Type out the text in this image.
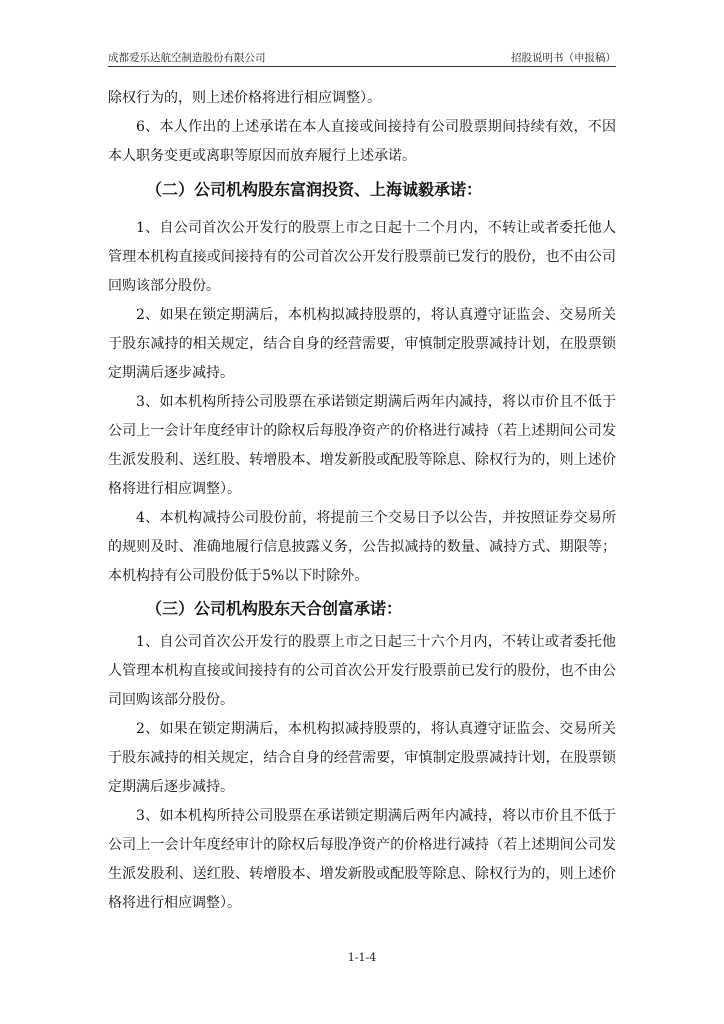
成都爱乐达航空制造股份有限公司	招股说明书（申报稿）
除权行为的，则上述价格将进行相应调整）。
6、本人作出的上述承诺在本人直接或间接持有公司股票期间持续有效，不因本人职务变更或离职等原因而放弃履行上述承诺。
（二）公司机构股东富润投资、上海诚毅承诺：
1、自公司首次公开发行的股票上市之日起十二个月内，不转让或者委托他人管理本机构直接或间接持有的公司首次公开发行股票前已发行的股份，也不由公司回购该部分股份。
2、如果在锁定期满后，本机构拟减持股票的，将认真遵守证监会、交易所关于股东减持的相关规定，结合自身的经营需要，审慎制定股票减持计划，在股票锁定期满后逐步减持。
3、如本机构所持公司股票在承诺锁定期满后两年内减持，将以市价且不低于公司上一会计年度经审计的除权后每股净资产的价格进行减持（若上述期间公司发生派发股利、送红股、转增股本、增发新股或配股等除息、除权行为的，则上述价格将进行相应调整）。
4、本机构减持公司股份前，将提前三个交易日予以公告，并按照证券交易所的规则及时、准确地履行信息披露义务，公告拟减持的数量、减持方式、期限等；本机构持有公司股份低于5%以下时除外。
（三）公司机构股东天合创富承诺：
1、自公司首次公开发行的股票上市之日起三十六个月内，不转让或者委托他人管理本机构直接或间接持有的公司首次公开发行股票前已发行的股份，也不由公司回购该部分股份。
2、如果在锁定期满后，本机构拟减持股票的，将认真遵守证监会、交易所关于股东减持的相关规定，结合自身的经营需要，审慎制定股票减持计划，在股票锁定期满后逐步减持。
3、如本机构所持公司股票在承诺锁定期满后两年内减持，将以市价且不低于公司上一会计年度经审计的除权后每股净资产的价格进行减持（若上述期间公司发生派发股利、送红股、转增股本、增发新股或配股等除息、除权行为的，则上述价格将进行相应调整）。
1-1-4
